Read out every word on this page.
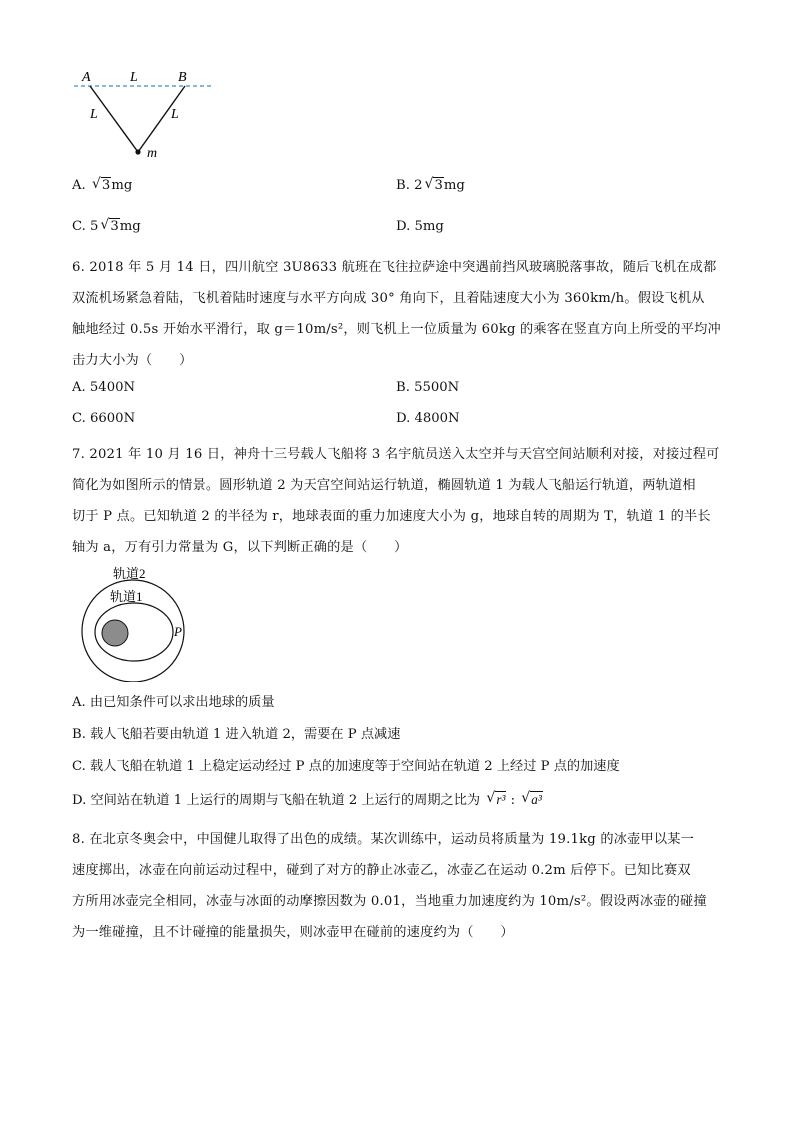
A	L	B
L	L
m
A. √ 3mg	B. 2 √ 3mg
C. 5 √ 3mg	D. 5mg
6. 2018 年 5 月 14 日，四川航空 3U8633 航班在飞往拉萨途中突遇前挡风玻璃脱落事故，随后飞机在成都
双流机场紧急着陆，飞机着陆时速度与水平方向成 30° 角向下，且着陆速度大小为 360km/h。假设飞机从
触地经过 0.5s 开始水平滑行，取 g＝10m/s²，则飞机上一位质量为 60kg 的乘客在竖直方向上所受的平均冲
击力大小为（　　）
A. 5400N	B. 5500N
C. 6600N	D. 4800N
7. 2021 年 10 月 16 日，神舟十三号载人飞船将 3 名宇航员送入太空并与天宫空间站顺利对接，对接过程可
简化为如图所示的情景。圆形轨道 2 为天宫空间站运行轨道，椭圆轨道 1 为载人飞船运行轨道，两轨道相
切于 P 点。已知轨道 2 的半径为 r，地球表面的重力加速度大小为 g，地球自转的周期为 T，轨道 1 的半长
轴为 a，万有引力常量为 G，以下判断正确的是（　　）
轨道2
轨道1
P
A. 由已知条件可以求出地球的质量
B. 载人飞船若要由轨道 1 进入轨道 2，需要在 P 点减速
C. 载人飞船在轨道 1 上稳定运动经过 P 点的加速度等于空间站在轨道 2 上经过 P 点的加速度
D. 空间站在轨道 1 上运行的周期与飞船在轨道 2 上运行的周期之比为 √ r³ : √ a³
8. 在北京冬奥会中，中国健儿取得了出色的成绩。某次训练中，运动员将质量为 19.1kg 的冰壶甲以某一
速度掷出，冰壶在向前运动过程中，碰到了对方的静止冰壶乙，冰壶乙在运动 0.2m 后停下。已知比赛双
方所用冰壶完全相同，冰壶与冰面的动摩擦因数为 0.01，当地重力加速度约为 10m/s²。假设两冰壶的碰撞
为一维碰撞，且不计碰撞的能量损失，则冰壶甲在碰前的速度约为（　　）
